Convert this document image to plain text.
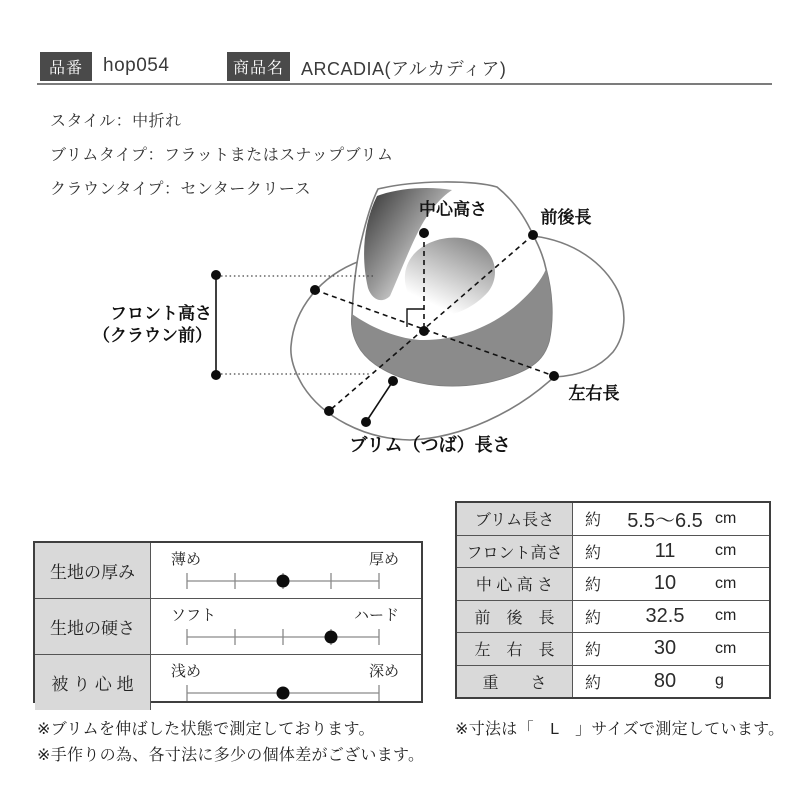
品番 hop054	商品名 ARCADIA(アルカディア)
スタイル：中折れ
ブリムタイプ：フラットまたはスナップブリム
クラウンタイプ：センタークリース
中心高さ	前後長
フロント高さ
（クラウン前）
左右長
ブリム（つば）長さ
生地の厚み
薄め	厚め
生地の硬さ
ソフト	ハード
被 り 心 地
浅め	深め
ブリム長さ	約	5.5〜6.5 cm
フロント高さ	約	11	cm
中 心 高 さ	約	10	cm
前　後　長	約	32.5	cm
左　右　長	約	30	cm
重　　さ	約	80	g
※ブリムを伸ばした状態で測定しております。
※手作りの為、各寸法に多少の個体差がございます。
※寸法は「　L　」サイズで測定しています。
